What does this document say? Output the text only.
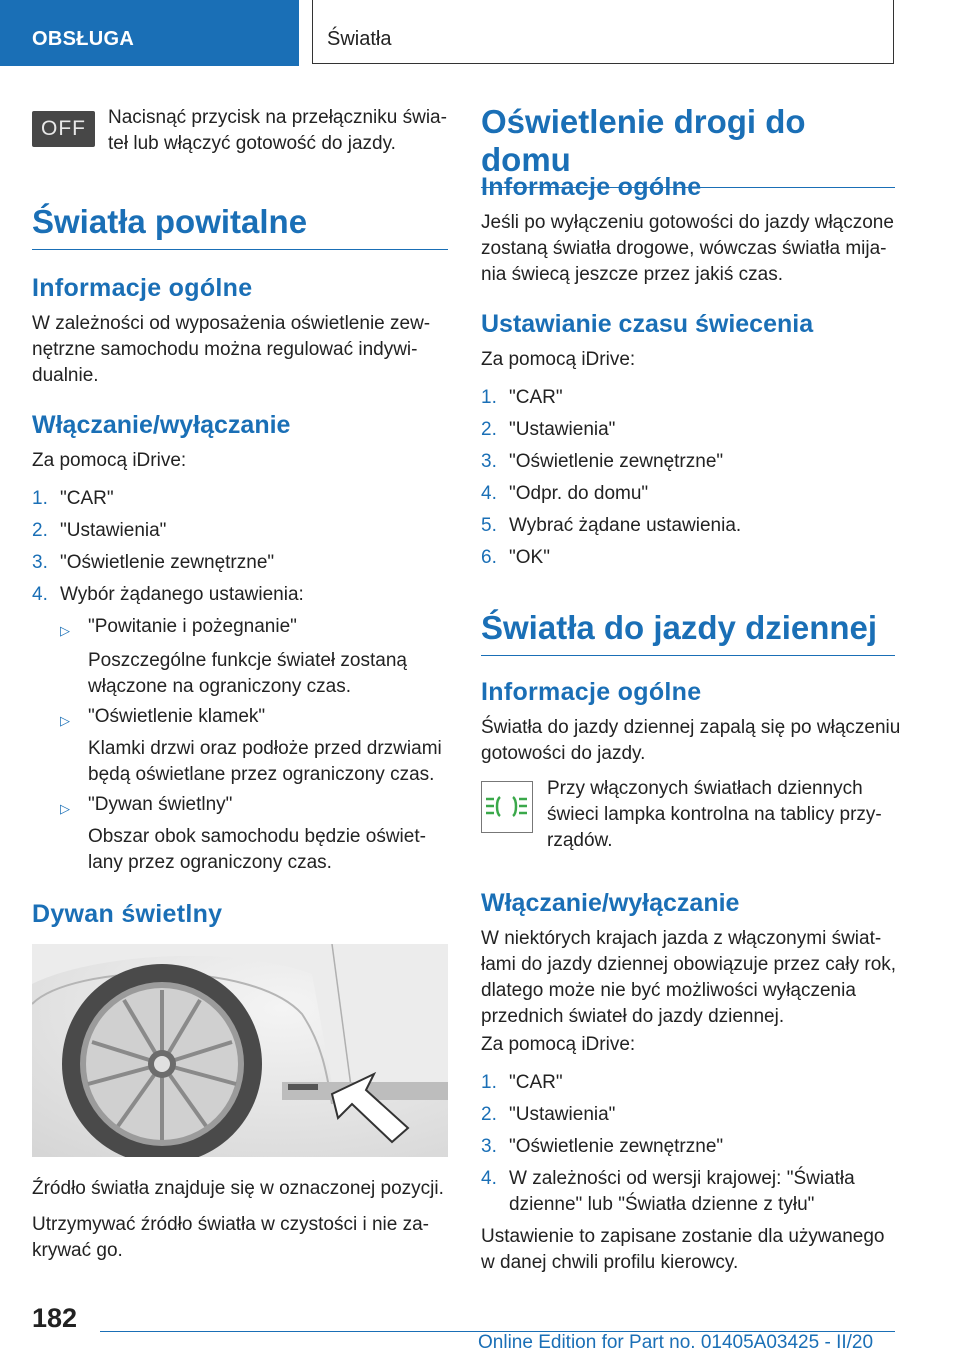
OBSŁUGA	Światła
OFF	Nacisnąć przycisk na przełączniku świa-
teł lub włączyć gotowość do jazdy.
Światła powitalne
Informacje ogólne
W zależności od wyposażenia oświetlenie zew-
nętrzne samochodu można regulować indywi-
dualnie.
Włączanie/wyłączanie
Za pomocą iDrive:
1. "CAR"
2. "Ustawienia"
3. "Oświetlenie zewnętrzne"
4. Wybór żądanego ustawienia:
▷ "Powitanie i pożegnanie"
Poszczególne funkcje świateł zostaną
włączone na ograniczony czas.
▷ "Oświetlenie klamek"
Klamki drzwi oraz podłoże przed drzwiami
będą oświetlane przez ograniczony czas.
▷ "Dywan świetlny"
Obszar obok samochodu będzie oświet-
lany przez ograniczony czas.
Dywan świetlny
Źródło światła znajduje się w oznaczonej pozycji.
Utrzymywać źródło światła w czystości i nie za-
krywać go.
Oświetlenie drogi do domu
Informacje ogólne
Jeśli po wyłączeniu gotowości do jazdy włączone
zostaną światła drogowe, wówczas światła mija-
nia świecą jeszcze przez jakiś czas.
Ustawianie czasu świecenia
Za pomocą iDrive:
1. "CAR"
2. "Ustawienia"
3. "Oświetlenie zewnętrzne"
4. "Odpr. do domu"
5. Wybrać żądane ustawienia.
6. "OK"
Światła do jazdy dziennej
Informacje ogólne
Światła do jazdy dziennej zapalą się po włączeniu
gotowości do jazdy.
Przy włączonych światłach dziennych
świeci lampka kontrolna na tablicy przy-
rządów.
Włączanie/wyłączanie
W niektórych krajach jazda z włączonymi świat-
łami do jazdy dziennej obowiązuje przez cały rok,
dlatego może nie być możliwości wyłączenia
przednich świateł do jazdy dziennej.
Za pomocą iDrive:
1. "CAR"
2. "Ustawienia"
3. "Oświetlenie zewnętrzne"
4. W zależności od wersji krajowej: "Światła
dzienne" lub "Światła dzienne z tyłu"
Ustawienie to zapisane zostanie dla używanego
w danej chwili profilu kierowcy.
182
Online Edition for Part no. 01405A03425 - II/20
